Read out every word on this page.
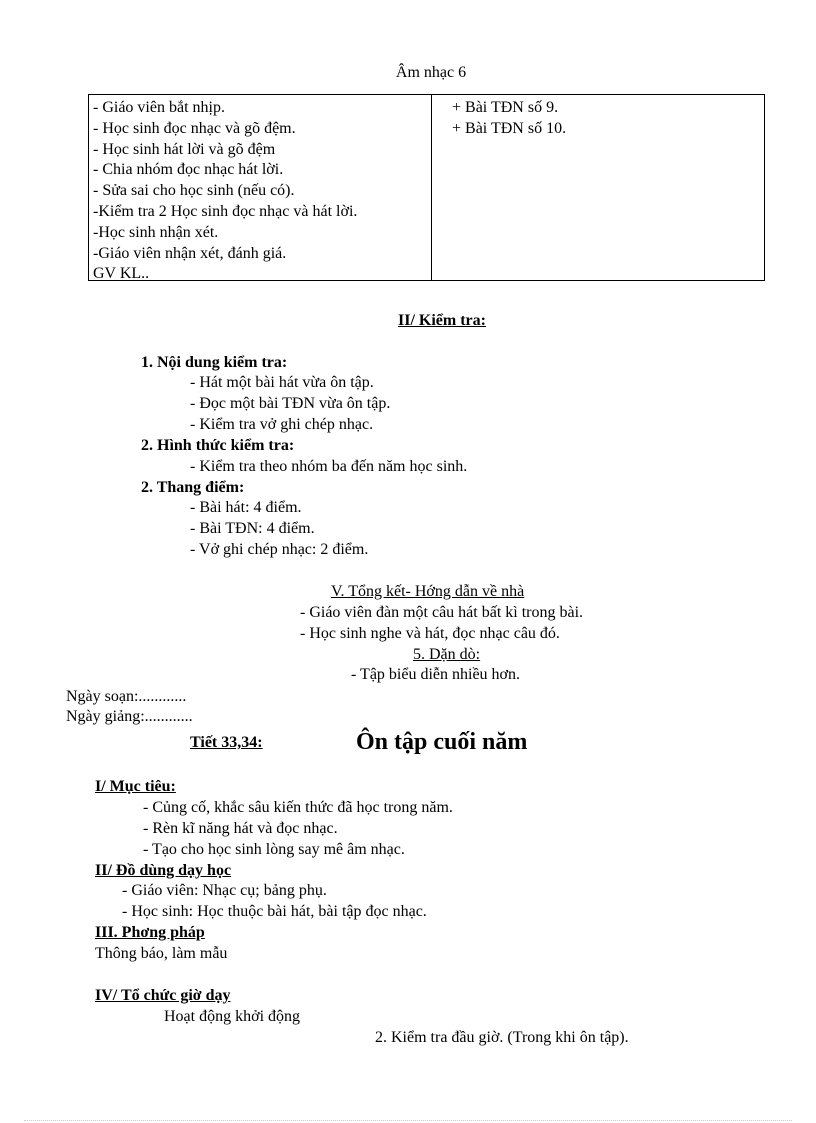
Âm nhạc 6
- Giáo viên bắt nhịp.
- Học sinh đọc nhạc và gõ đệm.
- Học sinh hát lời và gõ đệm
- Chia nhóm đọc nhạc hát lời.
- Sửa sai cho học sinh (nếu có).
-Kiểm tra 2 Học sinh đọc nhạc và hát lời.
-Học sinh nhận xét.
-Giáo viên nhận xét, đánh giá.
GV KL..
+ Bài TĐN số 9.
+ Bài TĐN số 10.
II/ Kiểm tra:
1. Nội dung kiểm tra:
- Hát một bài hát vừa ôn tập.
- Đọc một bài TĐN vừa ôn tập.
- Kiểm tra vở ghi chép nhạc.
2. Hình thức kiểm tra:
- Kiểm tra theo nhóm ba đến năm học sinh.
2. Thang điểm:
- Bài hát: 4 điểm.
- Bài TĐN: 4 điểm.
- Vở ghi chép nhạc: 2 điểm.
V. Tổng kết- Hớng dẫn về nhà
- Giáo viên đàn một câu hát bất kì trong bài.
- Học sinh nghe và hát, đọc nhạc câu đó.
5. Dặn dò:
- Tập biểu diễn nhiều hơn.
Ngày soạn:............
Ngày giảng:............
Tiết 33,34:	Ôn tập cuối năm
I/ Mục tiêu:
- Củng cố, khắc sâu kiến thức đã học trong năm.
- Rèn kĩ năng hát và đọc nhạc.
- Tạo cho học sinh lòng say mê âm nhạc.
II/ Đồ dùng dạy học
- Giáo viên: Nhạc cụ; bảng phụ.
- Học sinh: Học thuộc bài hát, bài tập đọc nhạc.
III. Phơng pháp
Thông báo, làm mẫu
IV/ Tổ chức giờ dạy
Hoạt động khởi động
2. Kiểm tra đầu giờ. (Trong khi ôn tập).
